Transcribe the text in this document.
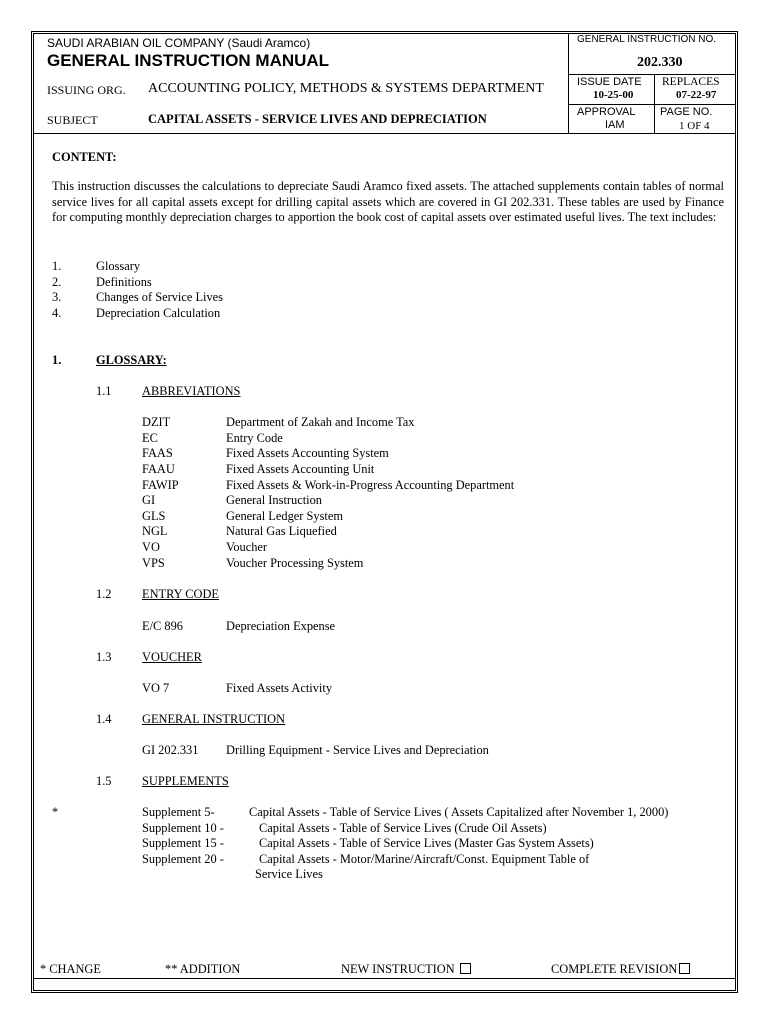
SAUDI ARABIAN OIL COMPANY (Saudi Aramco)
GENERAL INSTRUCTION MANUAL
ISSUING ORG. ACCOUNTING POLICY, METHODS & SYSTEMS DEPARTMENT
SUBJECT	CAPITAL ASSETS - SERVICE LIVES AND DEPRECIATION
GENERAL INSTRUCTION NO.
202.330
ISSUE DATE
10-25-00
REPLACES
07-22-97
APPROVAL
IAM
PAGE NO.
1 OF 4
CONTENT:
This instruction discusses the calculations to depreciate Saudi Aramco fixed assets. The attached supplements contain tables of normal service lives for all capital assets except for drilling capital assets which are covered in GI 202.331. These tables are used by Finance for computing monthly depreciation charges to apportion the book cost of capital assets over estimated useful lives. The text includes:
1.	Glossary
2.	Definitions
3.	Changes of Service Lives
4.	Depreciation Calculation
1.	GLOSSARY:
1.1 ABBREVIATIONS
DZIT	Department of Zakah and Income Tax
EC	Entry Code
FAAS	Fixed Assets Accounting System
FAAU	Fixed Assets Accounting Unit
FAWIP	Fixed Assets & Work-in-Progress Accounting Department
GI	General Instruction
GLS	General Ledger System
NGL	Natural Gas Liquefied
VO	Voucher
VPS	Voucher Processing System
1.2 ENTRY CODE
E/C 896	Depreciation Expense
1.3 VOUCHER
VO 7	Fixed Assets Activity
1.4 GENERAL INSTRUCTION
GI 202.331 Drilling Equipment - Service Lives and Depreciation
1.5 SUPPLEMENTS
*	Supplement 5-	Capital Assets - Table of Service Lives ( Assets Capitalized after November 1, 2000)
Supplement 10 -	Capital Assets - Table of Service Lives (Crude Oil Assets)
Supplement 15 -	Capital Assets - Table of Service Lives (Master Gas System Assets)
Supplement 20 -	Capital Assets - Motor/Marine/Aircraft/Const. Equipment Table of
Service Lives
* CHANGE	** ADDITION	NEW INSTRUCTION	COMPLETE REVISION
